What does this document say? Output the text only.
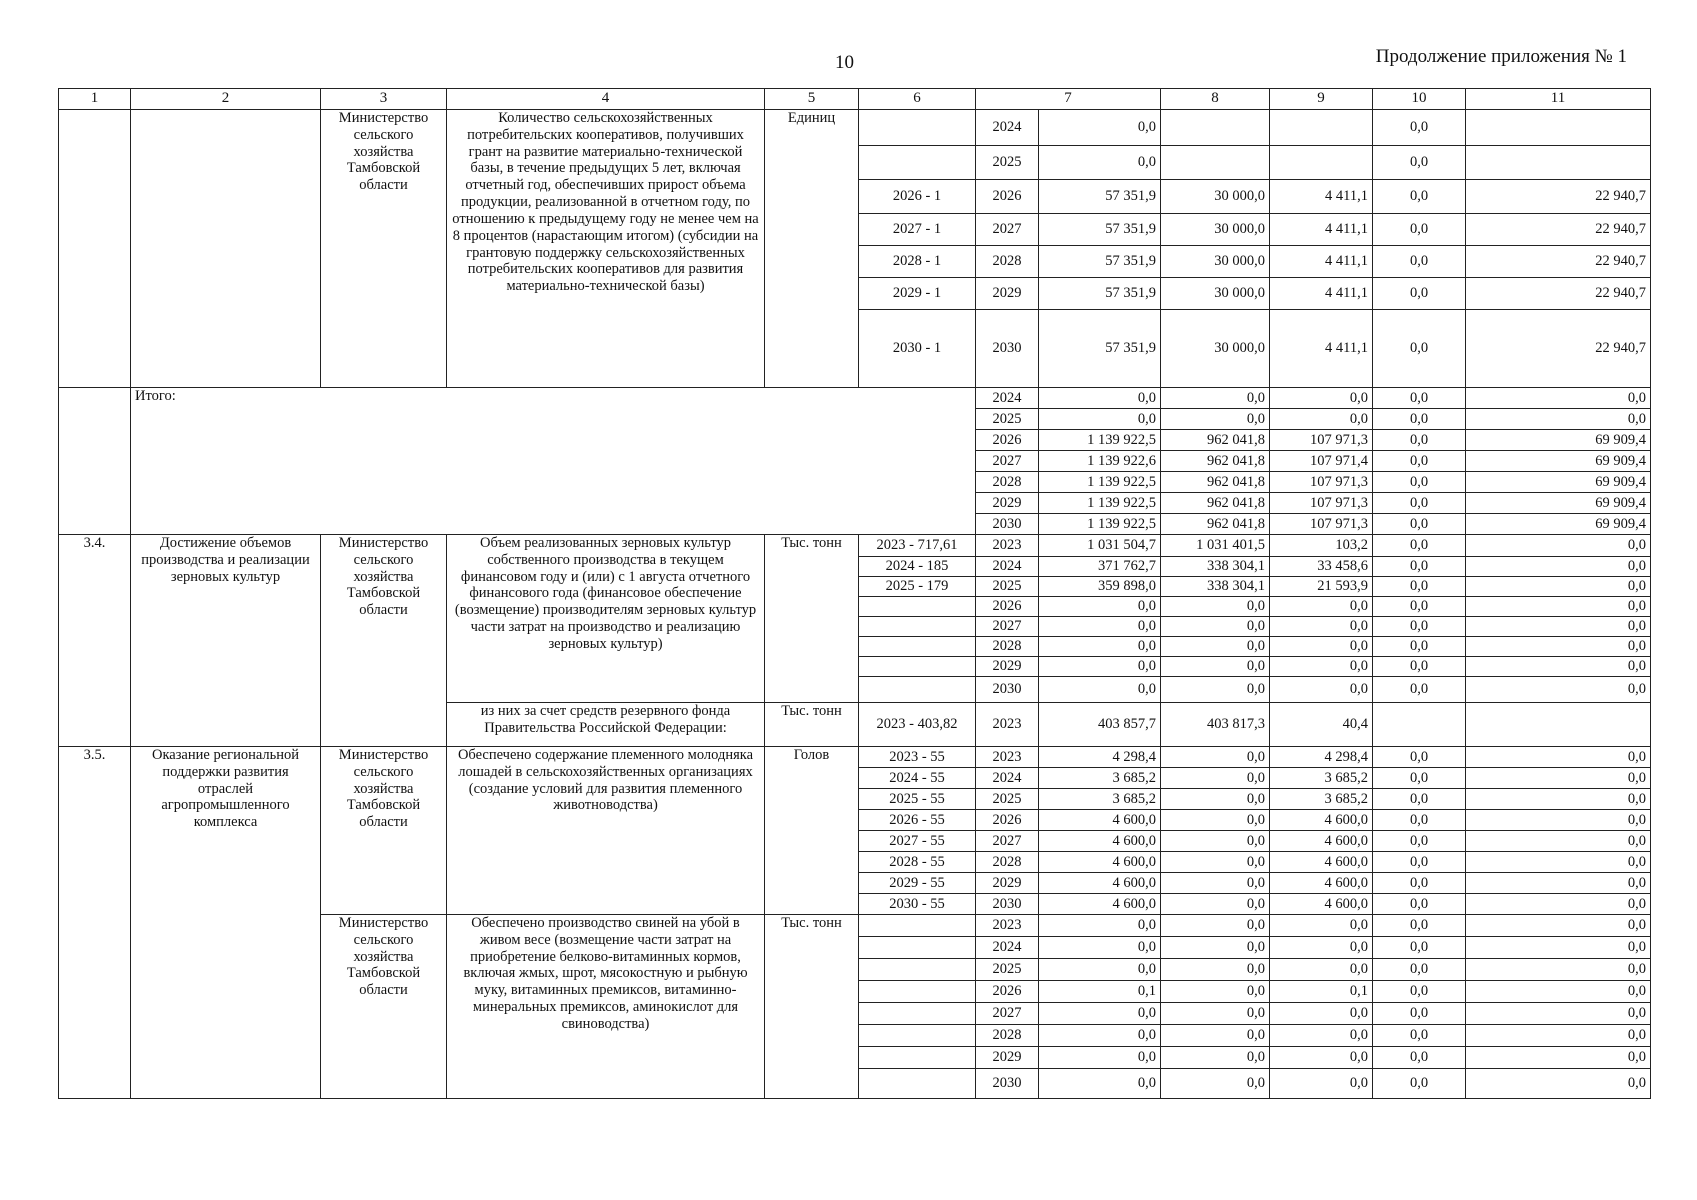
10	Продолжение приложения № 1
1	2	3	4	5	6	7		8	9	10	11
		Министерство сельского хозяйства Тамбовской области	Количество сельскохозяйственных потребительских кооперативов, получивших грант на развитие материально-технической базы, в течение предыдущих 5 лет, включая отчетный год, обеспечивших прирост объема продукции, реализованной в отчетном году, по отношению к предыдущему году не менее чем на 8 процентов (нарастающим итогом) (субсидии на грантовую поддержку сельскохозяйственных потребительских кооперативов для развития материально-технической базы)	Единиц		2024	0,0			0,0	
						2025	0,0			0,0	
					2026 - 1	2026	57 351,9	30 000,0	4 411,1	0,0	22 940,7
					2027 - 1	2027	57 351,9	30 000,0	4 411,1	0,0	22 940,7
					2028 - 1	2028	57 351,9	30 000,0	4 411,1	0,0	22 940,7
					2029 - 1	2029	57 351,9	30 000,0	4 411,1	0,0	22 940,7
					2030 - 1	2030	57 351,9	30 000,0	4 411,1	0,0	22 940,7
	Итого:					2024	0,0	0,0	0,0	0,0	0,0
						2025	0,0	0,0	0,0	0,0	0,0
						2026	1 139 922,5	962 041,8	107 971,3	0,0	69 909,4
						2027	1 139 922,6	962 041,8	107 971,4	0,0	69 909,4
						2028	1 139 922,5	962 041,8	107 971,3	0,0	69 909,4
						2029	1 139 922,5	962 041,8	107 971,3	0,0	69 909,4
						2030	1 139 922,5	962 041,8	107 971,3	0,0	69 909,4
3.4.	Достижение объемов производства и реализации зерновых культур	Министерство сельского хозяйства Тамбовской области	Объем реализованных зерновых культур собственного производства в текущем финансовом году и (или) с 1 августа отчетного финансового года (финансовое обеспечение (возмещение) производителям зерновых культур части затрат на производство и реализацию зерновых культур)	Тыс. тонн	2023 - 717,61	2023	1 031 504,7	1 031 401,5	103,2	0,0	0,0
					2024 - 185	2024	371 762,7	338 304,1	33 458,6	0,0	0,0
					2025 - 179	2025	359 898,0	338 304,1	21 593,9	0,0	0,0
						2026	0,0	0,0	0,0	0,0	0,0
						2027	0,0	0,0	0,0	0,0	0,0
						2028	0,0	0,0	0,0	0,0	0,0
						2029	0,0	0,0	0,0	0,0	0,0
						2030	0,0	0,0	0,0	0,0	0,0
			из них за счет средств резервного фонда Правительства Российской Федерации:	Тыс. тонн	2023 - 403,82	2023	403 857,7	403 817,3	40,4		
3.5.	Оказание региональной поддержки развития отраслей агропромышленного комплекса	Министерство сельского хозяйства Тамбовской области	Обеспечено содержание племенного молодняка лошадей в сельскохозяйственных организациях (создание условий для развития племенного животноводства)	Голов	2023 - 55	2023	4 298,4	0,0	4 298,4	0,0	0,0
					2024 - 55	2024	3 685,2	0,0	3 685,2	0,0	0,0
					2025 - 55	2025	3 685,2	0,0	3 685,2	0,0	0,0
					2026 - 55	2026	4 600,0	0,0	4 600,0	0,0	0,0
					2027 - 55	2027	4 600,0	0,0	4 600,0	0,0	0,0
					2028 - 55	2028	4 600,0	0,0	4 600,0	0,0	0,0
					2029 - 55	2029	4 600,0	0,0	4 600,0	0,0	0,0
					2030 - 55	2030	4 600,0	0,0	4 600,0	0,0	0,0
		Министерство сельского хозяйства Тамбовской области	Обеспечено производство свиней на убой в живом весе (возмещение части затрат на приобретение белково-витаминных кормов, включая жмых, шрот, мясокостную и рыбную муку, витаминных премиксов, витаминно-минеральных премиксов, аминокислот для свиноводства)	Тыс. тонн		2023	0,0	0,0	0,0	0,0	0,0
						2024	0,0	0,0	0,0	0,0	0,0
						2025	0,0	0,0	0,0	0,0	0,0
						2026	0,1	0,0	0,1	0,0	0,0
						2027	0,0	0,0	0,0	0,0	0,0
						2028	0,0	0,0	0,0	0,0	0,0
						2029	0,0	0,0	0,0	0,0	0,0
						2030	0,0	0,0	0,0	0,0	0,0
